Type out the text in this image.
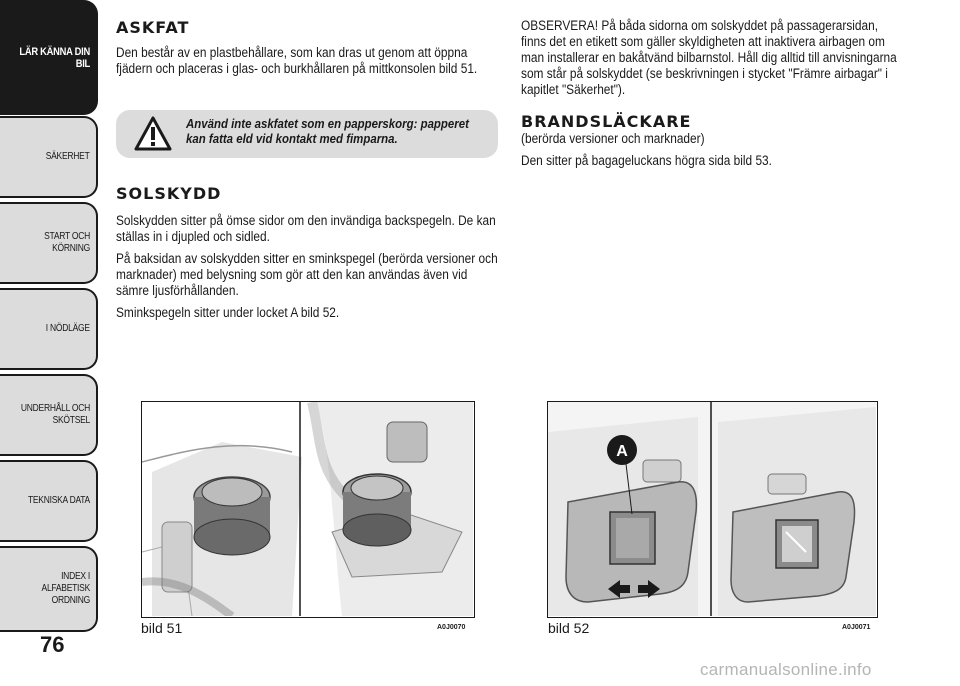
LÄR KÄNNA DIN BIL
SÄKERHET
START OCH KÖRNING
I NÖDLÄGE
UNDERHÅLL OCH SKÖTSEL
TEKNISKA DATA
INDEX I ALFABETISK ORDNING
76
ASKFAT

Den består av en plastbehållare, som kan dras ut genom att öppna fjädern och placeras i glas- och burkhållaren på mittkonsolen bild 51.

Använd inte askfatet som en papperskorg: papperet kan fatta eld vid kontakt med fimparna.

SOLSKYDD

Solskydden sitter på ömse sidor om den invändiga backspegeln. De kan ställas in i djupled och sidled.

På baksidan av solskydden sitter en sminkspegel (berörda versioner och marknader) med belysning som gör att den kan användas även vid sämre ljusförhållanden.

Sminkspegeln sitter under locket A bild 52.

OBSERVERA! På båda sidorna om solskyddet på passagerarsidan, finns det en etikett som gäller skyldigheten att inaktivera airbagen om man installerar en bakåtvänd bilbarnstol. Håll dig alltid till anvisningarna som står på solskyddet (se beskrivningen i stycket "Främre airbagar" i kapitlet "Säkerhet").

BRANDSLÄCKARE

(berörda versioner och marknader)

Den sitter på bagageluckans högra sida bild 53.

bild 51	A0J0070
A
bild 52	A0J0071
carmanualsonline.info
